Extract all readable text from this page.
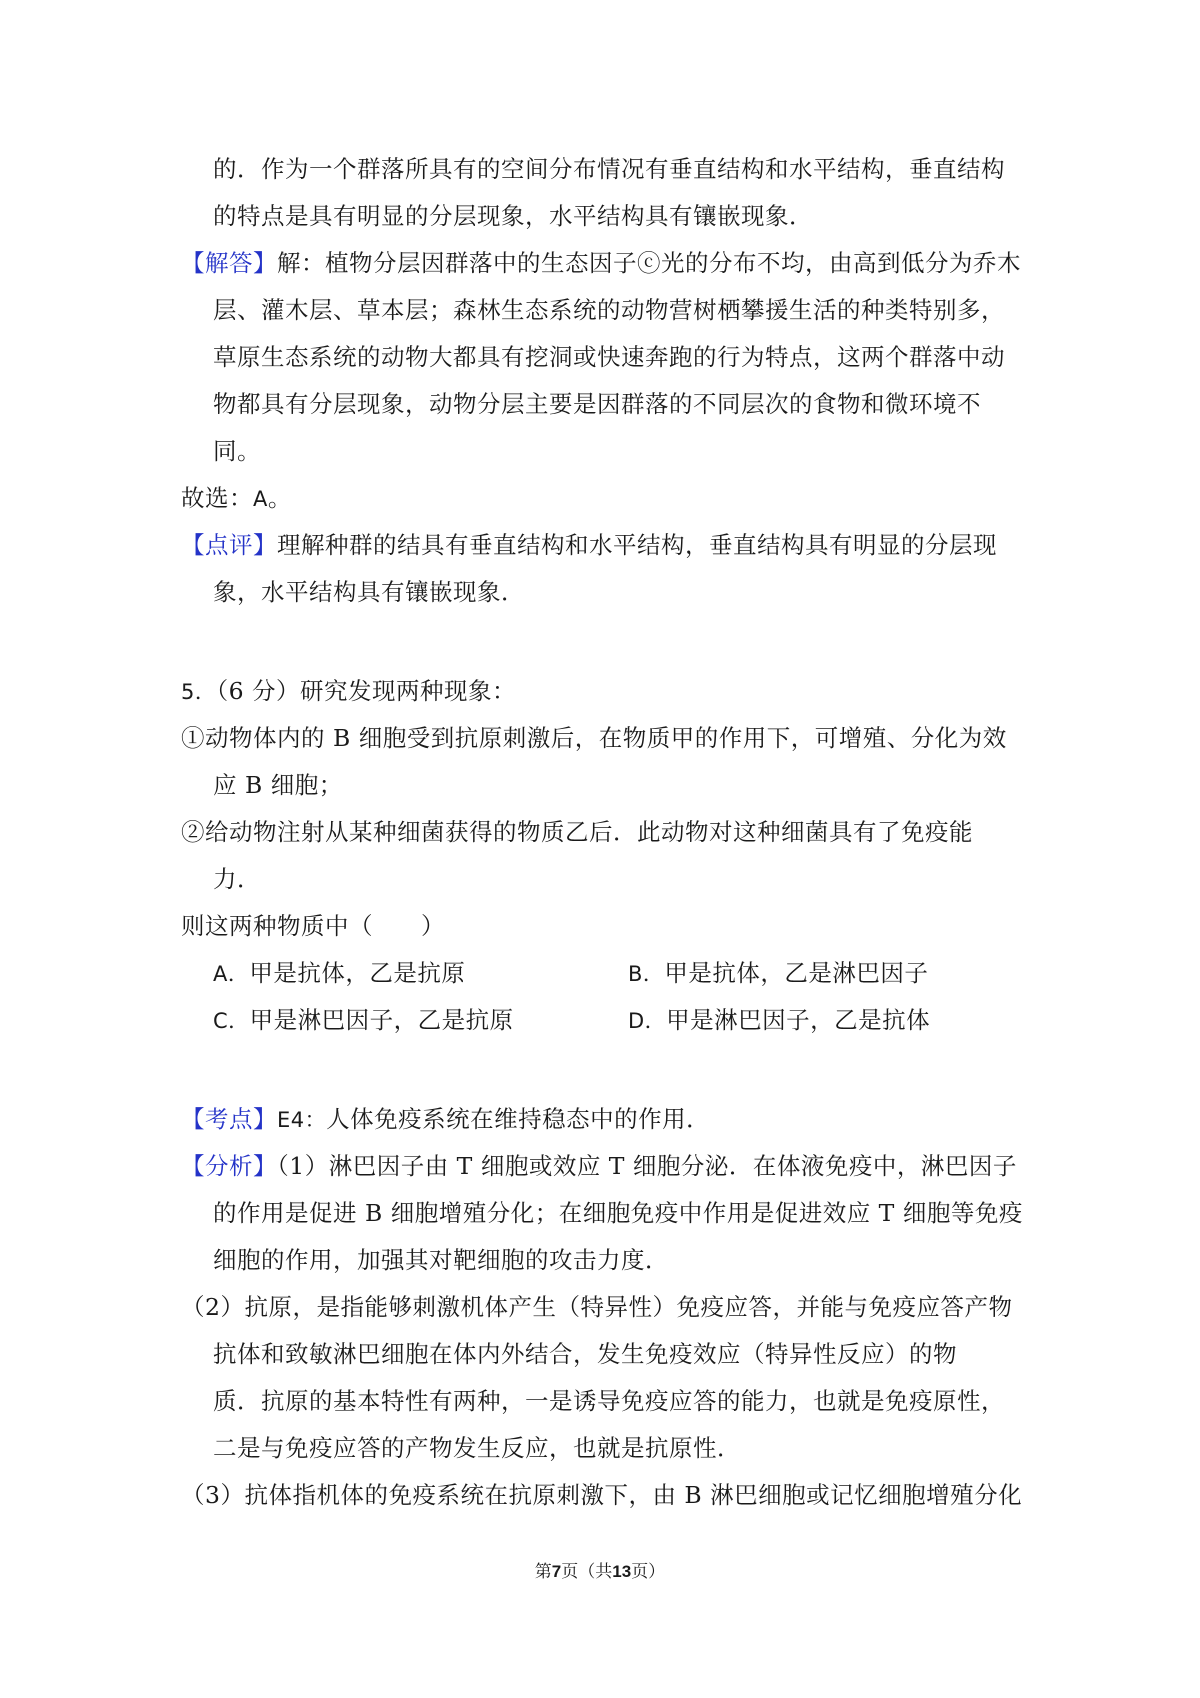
的．作为一个群落所具有的空间分布情况有垂直结构和水平结构，垂直结构
的特点是具有明显的分层现象，水平结构具有镶嵌现象．
【解答】解：植物分层因群落中的生态因子ⓒ光的分布不均，由高到低分为乔木
层、灌木层、草本层；森林生态系统的动物营树栖攀援生活的种类特别多，
草原生态系统的动物大都具有挖洞或快速奔跑的行为特点，这两个群落中动
物都具有分层现象，动物分层主要是因群落的不同层次的食物和微环境不
同。
故选：A。
【点评】理解种群的结具有垂直结构和水平结构，垂直结构具有明显的分层现
象，水平结构具有镶嵌现象．
5．（6 分）研究发现两种现象：
①动物体内的 B 细胞受到抗原刺激后，在物质甲的作用下，可增殖、分化为效
应 B 细胞；
②给动物注射从某种细菌获得的物质乙后．此动物对这种细菌具有了免疫能
力．
则这两种物质中（　　）
A．甲是抗体，乙是抗原	B．甲是抗体，乙是淋巴因子
C．甲是淋巴因子，乙是抗原	D．甲是淋巴因子，乙是抗体
【考点】E4：人体免疫系统在维持稳态中的作用．
【分析】（1）淋巴因子由 T 细胞或效应 T 细胞分泌．在体液免疫中，淋巴因子
的作用是促进 B 细胞增殖分化；在细胞免疫中作用是促进效应 T 细胞等免疫
细胞的作用，加强其对靶细胞的攻击力度．
（2）抗原，是指能够刺激机体产生（特异性）免疫应答，并能与免疫应答产物
抗体和致敏淋巴细胞在体内外结合，发生免疫效应（特异性反应）的物
质．抗原的基本特性有两种，一是诱导免疫应答的能力，也就是免疫原性，
二是与免疫应答的产物发生反应，也就是抗原性．
（3）抗体指机体的免疫系统在抗原刺激下，由 B 淋巴细胞或记忆细胞增殖分化
第7页（共13页）
